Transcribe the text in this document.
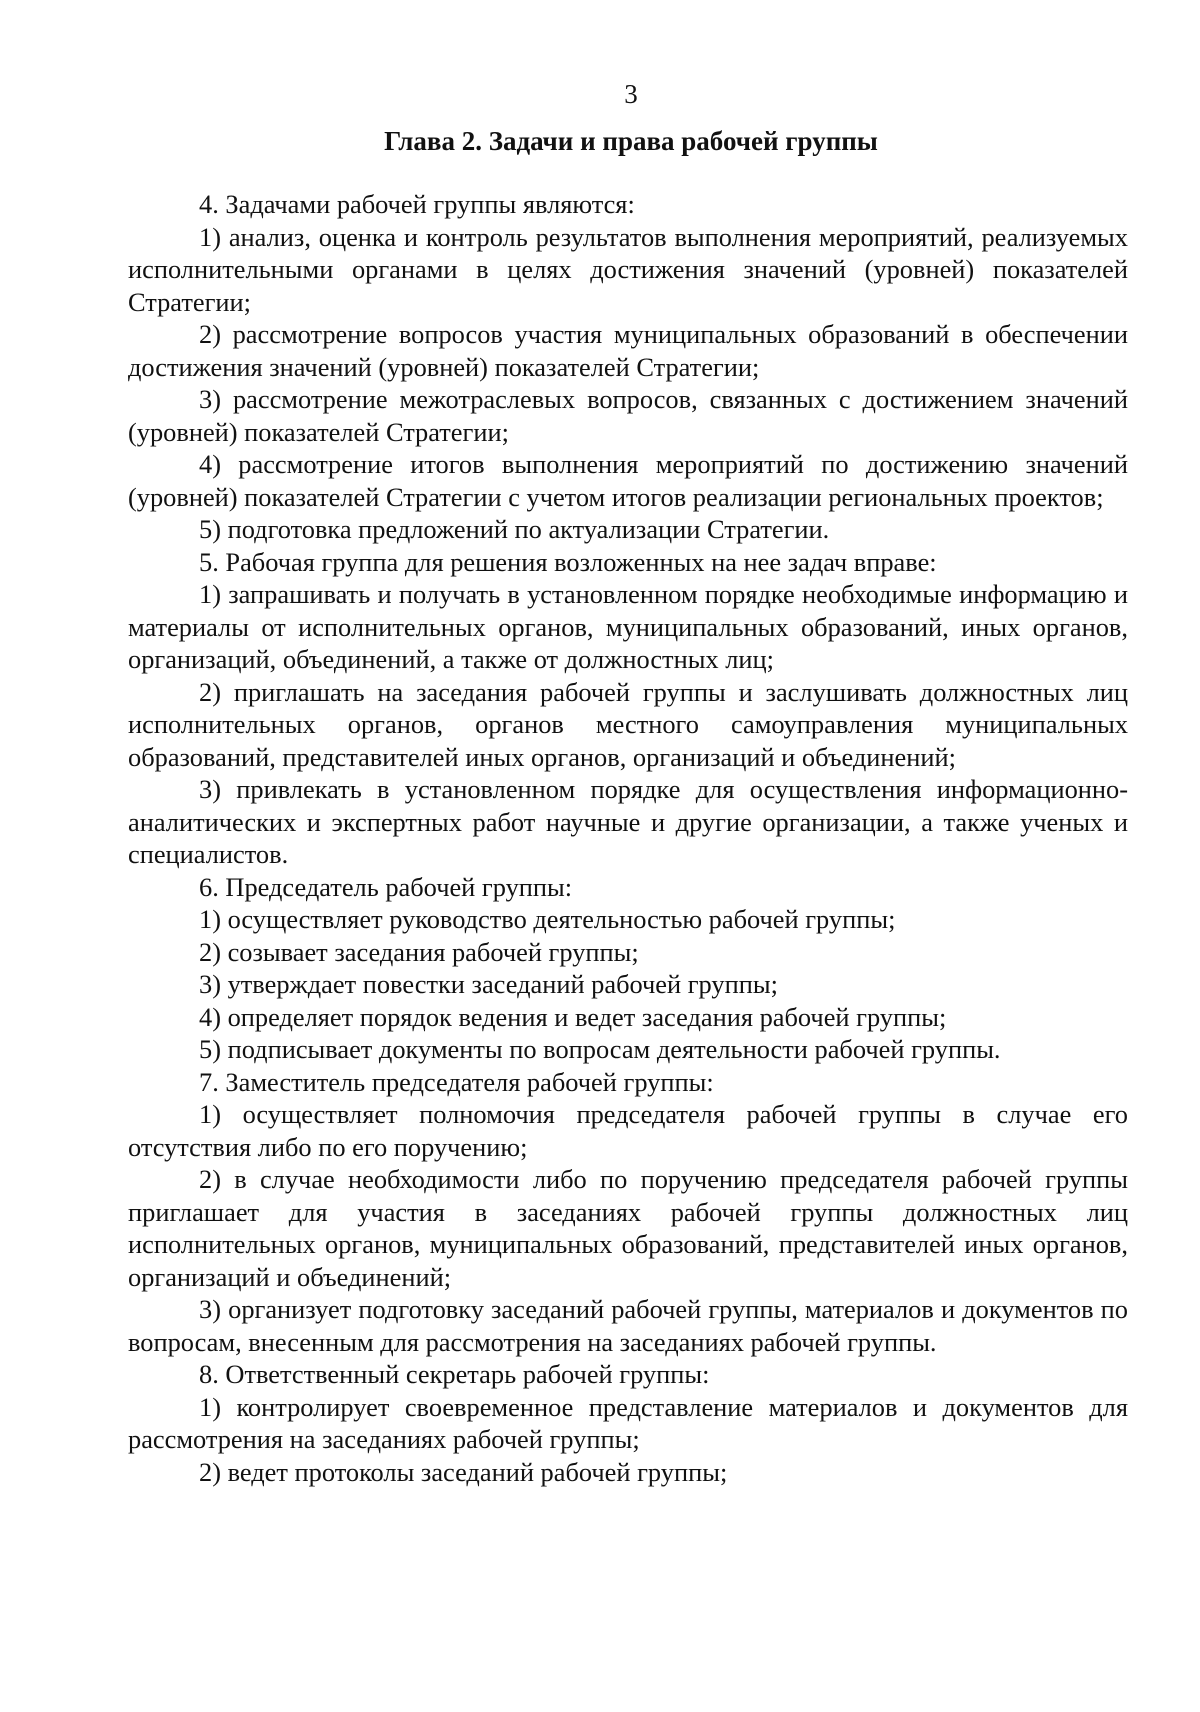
3
Глава 2. Задачи и права рабочей группы

4. Задачами рабочей группы являются:

1) анализ, оценка и контроль результатов выполнения мероприятий, реализуемых исполнительными органами в целях достижения значений (уровней) показателей Стратегии;

2) рассмотрение вопросов участия муниципальных образований в обеспечении достижения значений (уровней) показателей Стратегии;

3) рассмотрение межотраслевых вопросов, связанных с достижением значений (уровней) показателей Стратегии;

4) рассмотрение итогов выполнения мероприятий по достижению значений (уровней) показателей Стратегии с учетом итогов реализации региональных проектов;

5) подготовка предложений по актуализации Стратегии.

5. Рабочая группа для решения возложенных на нее задач вправе:

1) запрашивать и получать в установленном порядке необходимые информацию и материалы от исполнительных органов, муниципальных образований, иных органов, организаций, объединений, а также от должностных лиц;

2) приглашать на заседания рабочей группы и заслушивать должностных лиц исполнительных органов, органов местного самоуправления муниципальных образований, представителей иных органов, организаций и объединений;

3) привлекать в установленном порядке для осуществления информационно-аналитических и экспертных работ научные и другие организации, а также ученых и специалистов.

6. Председатель рабочей группы:

1) осуществляет руководство деятельностью рабочей группы;

2) созывает заседания рабочей группы;

3) утверждает повестки заседаний рабочей группы;

4) определяет порядок ведения и ведет заседания рабочей группы;

5) подписывает документы по вопросам деятельности рабочей группы.

7. Заместитель председателя рабочей группы:

1) осуществляет полномочия председателя рабочей группы в случае его отсутствия либо по его поручению;

2) в случае необходимости либо по поручению председателя рабочей группы приглашает для участия в заседаниях рабочей группы должностных лиц исполнительных органов, муниципальных образований, представителей иных органов, организаций и объединений;

3) организует подготовку заседаний рабочей группы, материалов и документов по вопросам, внесенным для рассмотрения на заседаниях рабочей группы.

8. Ответственный секретарь рабочей группы:

1) контролирует своевременное представление материалов и документов для рассмотрения на заседаниях рабочей группы;

2) ведет протоколы заседаний рабочей группы;
